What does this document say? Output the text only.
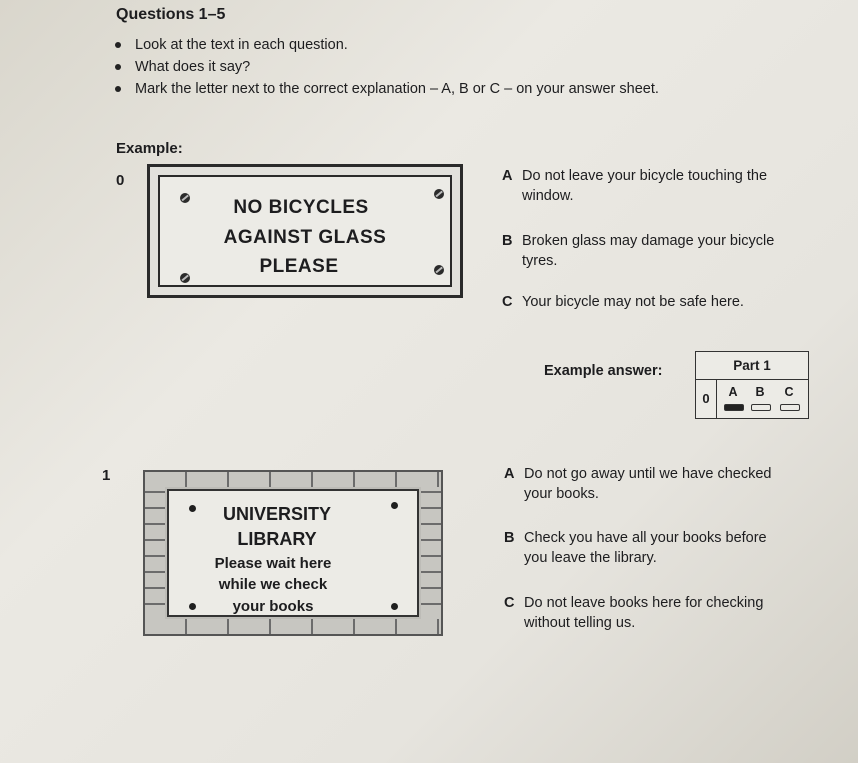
Questions 1–5
Look at the text in each question.
What does it say?
Mark the letter next to the correct explanation – A, B or C – on your answer sheet.
Example:
0
NO BICYCLES
AGAINST GLASS
PLEASE
A Do not leave your bicycle touching the
window.
B Broken glass may damage your bicycle
tyres.
C Your bicycle may not be safe here.
Example answer:	Part 1
0	A	B	C
1
UNIVERSITY
LIBRARY
Please wait here
while we check
your books
A Do not go away until we have checked
your books.
B Check you have all your books before
you leave the library.
C Do not leave books here for checking
without telling us.
